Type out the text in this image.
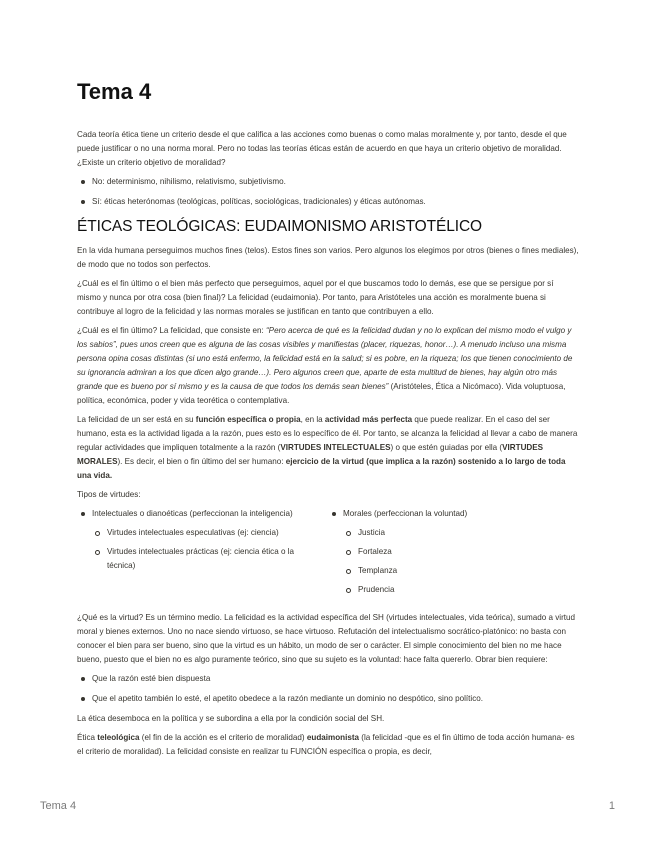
Tema 4

Cada teoría ética tiene un criterio desde el que califica a las acciones como buenas o como malas moralmente y, por tanto, desde el que puede justificar o no una norma moral. Pero no todas las teorías éticas están de acuerdo en que haya un criterio objetivo de moralidad. ¿Existe un criterio objetivo de moralidad?

No: determinismo, nihilismo, relativismo, subjetivismo.
Sí: éticas heterónomas (teológicas, políticas, sociológicas, tradicionales) y éticas autónomas.
ÉTICAS TEOLÓGICAS: EUDAIMONISMO ARISTOTÉLICO

En la vida humana perseguimos muchos fines (telos). Estos fines son varios. Pero algunos los elegimos por otros (bienes o fines mediales), de modo que no todos son perfectos.

¿Cuál es el fin último o el bien más perfecto que perseguimos, aquel por el que buscamos todo lo demás, ese que se persigue por sí mismo y nunca por otra cosa (bien final)? La felicidad (eudaimonia). Por tanto, para Aristóteles una acción es moralmente buena si contribuye al logro de la felicidad y las normas morales se justifican en tanto que contribuyen a ello.

¿Cuál es el fin último? La felicidad, que consiste en: “Pero acerca de qué es la felicidad dudan y no lo explican del mismo modo el vulgo y los sabios”, pues unos creen que es alguna de las cosas visibles y manifiestas (placer, riquezas, honor…). A menudo incluso una misma persona opina cosas distintas (si uno está enfermo, la felicidad está en la salud; si es pobre, en la riqueza; los que tienen conocimiento de su ignorancia admiran a los que dicen algo grande…). Pero algunos creen que, aparte de esta multitud de bienes, hay algún otro más grande que es bueno por sí mismo y es la causa de que todos los demás sean bienes” (Aristóteles, Ética a Nicómaco). Vida voluptuosa, política, económica, poder y vida teorética o contemplativa.

La felicidad de un ser está en su función específica o propia, en la actividad más perfecta que puede realizar. En el caso del ser humano, esta es la actividad ligada a la razón, pues esto es lo específico de él. Por tanto, se alcanza la felicidad al llevar a cabo de manera regular actividades que impliquen totalmente a la razón (VIRTUDES INTELECTUALES) o que estén guiadas por ella (VIRTUDES MORALES). Es decir, el bien o fin último del ser humano: ejercicio de la virtud (que implica a la razón) sostenido a lo largo de toda una vida.

Tipos de virtudes:

Intelectuales o dianoéticas (perfeccionan la inteligencia)
Virtudes intelectuales especulativas (ej: ciencia)
Virtudes intelectuales prácticas (ej: ciencia ética o la técnica)
Morales (perfeccionan la voluntad)
Justicia
Fortaleza
Templanza
Prudencia

¿Qué es la virtud? Es un término medio. La felicidad es la actividad específica del SH (virtudes intelectuales, vida teórica), sumado a virtud moral y bienes externos. Uno no nace siendo virtuoso, se hace virtuoso. Refutación del intelectualismo socrático-platónico: no basta con conocer el bien para ser bueno, sino que la virtud es un hábito, un modo de ser o carácter. El simple conocimiento del bien no me hace bueno, puesto que el bien no es algo puramente teórico, sino que su sujeto es la voluntad: hace falta quererlo. Obrar bien requiere:

Que la razón esté bien dispuesta
Que el apetito también lo esté, el apetito obedece a la razón mediante un dominio no despótico, sino político.

La ética desemboca en la política y se subordina a ella por la condición social del SH.

Ética teleológica (el fin de la acción es el criterio de moralidad) eudaimonista (la felicidad -que es el fin último de toda acción humana- es el criterio de moralidad). La felicidad consiste en realizar tu FUNCIÓN específica o propia, es decir,

Tema 4	1
